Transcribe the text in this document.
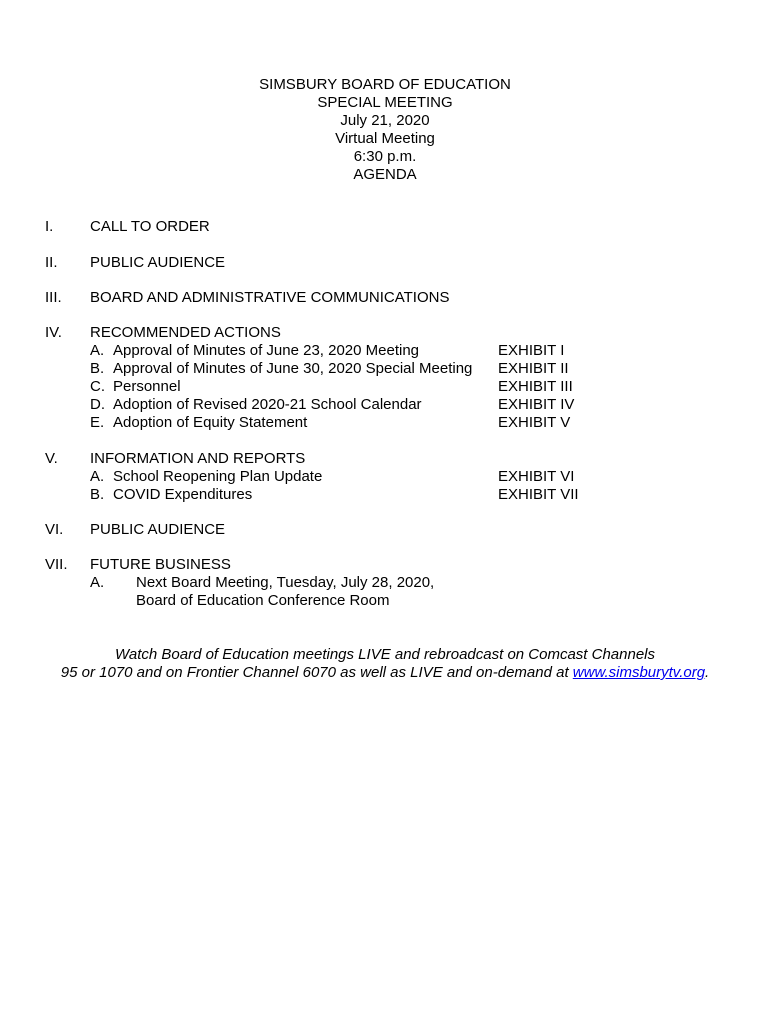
SIMSBURY BOARD OF EDUCATION
SPECIAL MEETING
July 21, 2020
Virtual Meeting
6:30 p.m.
AGENDA
I. CALL TO ORDER
II. PUBLIC AUDIENCE
III. BOARD AND ADMINISTRATIVE COMMUNICATIONS
IV. RECOMMENDED ACTIONS
A. Approval of Minutes of June 23, 2020 Meeting	EXHIBIT I
B. Approval of Minutes of June 30, 2020 Special Meeting EXHIBIT II
C. Personnel	EXHIBIT III
D. Adoption of Revised 2020-21 School Calendar	EXHIBIT IV
E. Adoption of Equity Statement	EXHIBIT V
V. INFORMATION AND REPORTS
A. School Reopening Plan Update	EXHIBIT VI
B. COVID Expenditures	EXHIBIT VII
VI. PUBLIC AUDIENCE
VII. FUTURE BUSINESS
A. Next Board Meeting, Tuesday, July 28, 2020,
Board of Education Conference Room
Watch Board of Education meetings LIVE and rebroadcast on Comcast Channels
95 or 1070 and on Frontier Channel 6070 as well as LIVE and on-demand at www.simsburytv.org.
